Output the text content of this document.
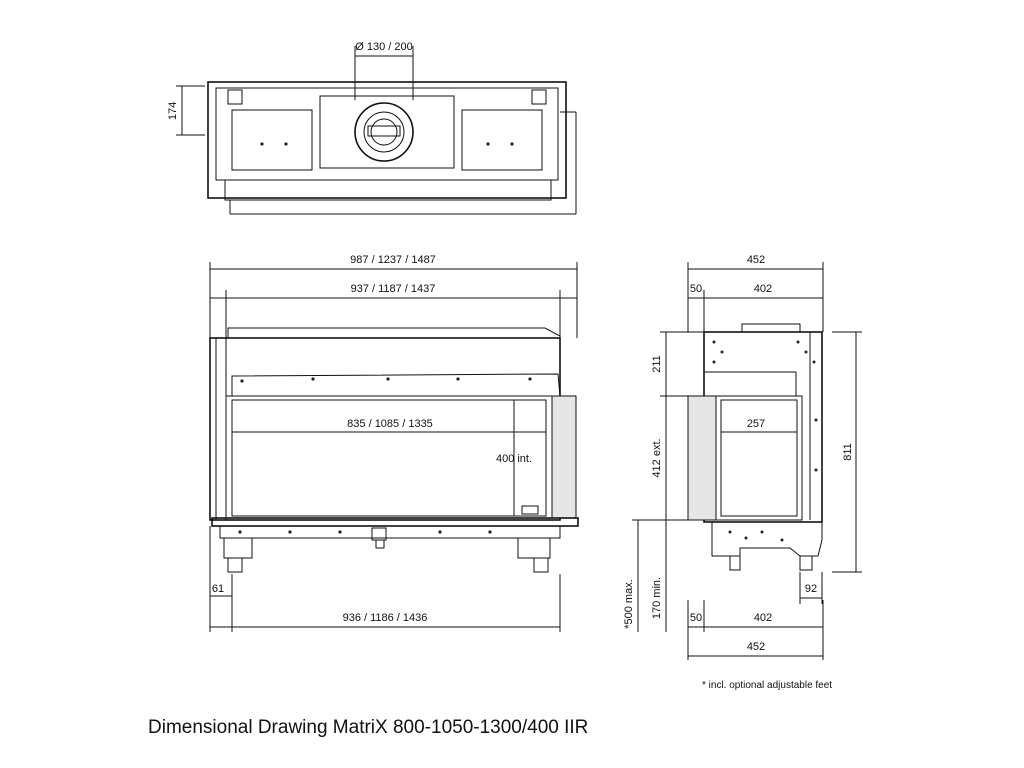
Ø 130 / 200
174
987 / 1237 / 1487
937 / 1187 / 1437
835 / 1085 / 1335
400 int.
61
936 / 1186 / 1436
452
50	402
257
211
412 ext.
170 min.
*500 max.
811
92
50	402
452
* incl. optional adjustable feet
Dimensional Drawing MatriX 800-1050-1300/400 IIR
